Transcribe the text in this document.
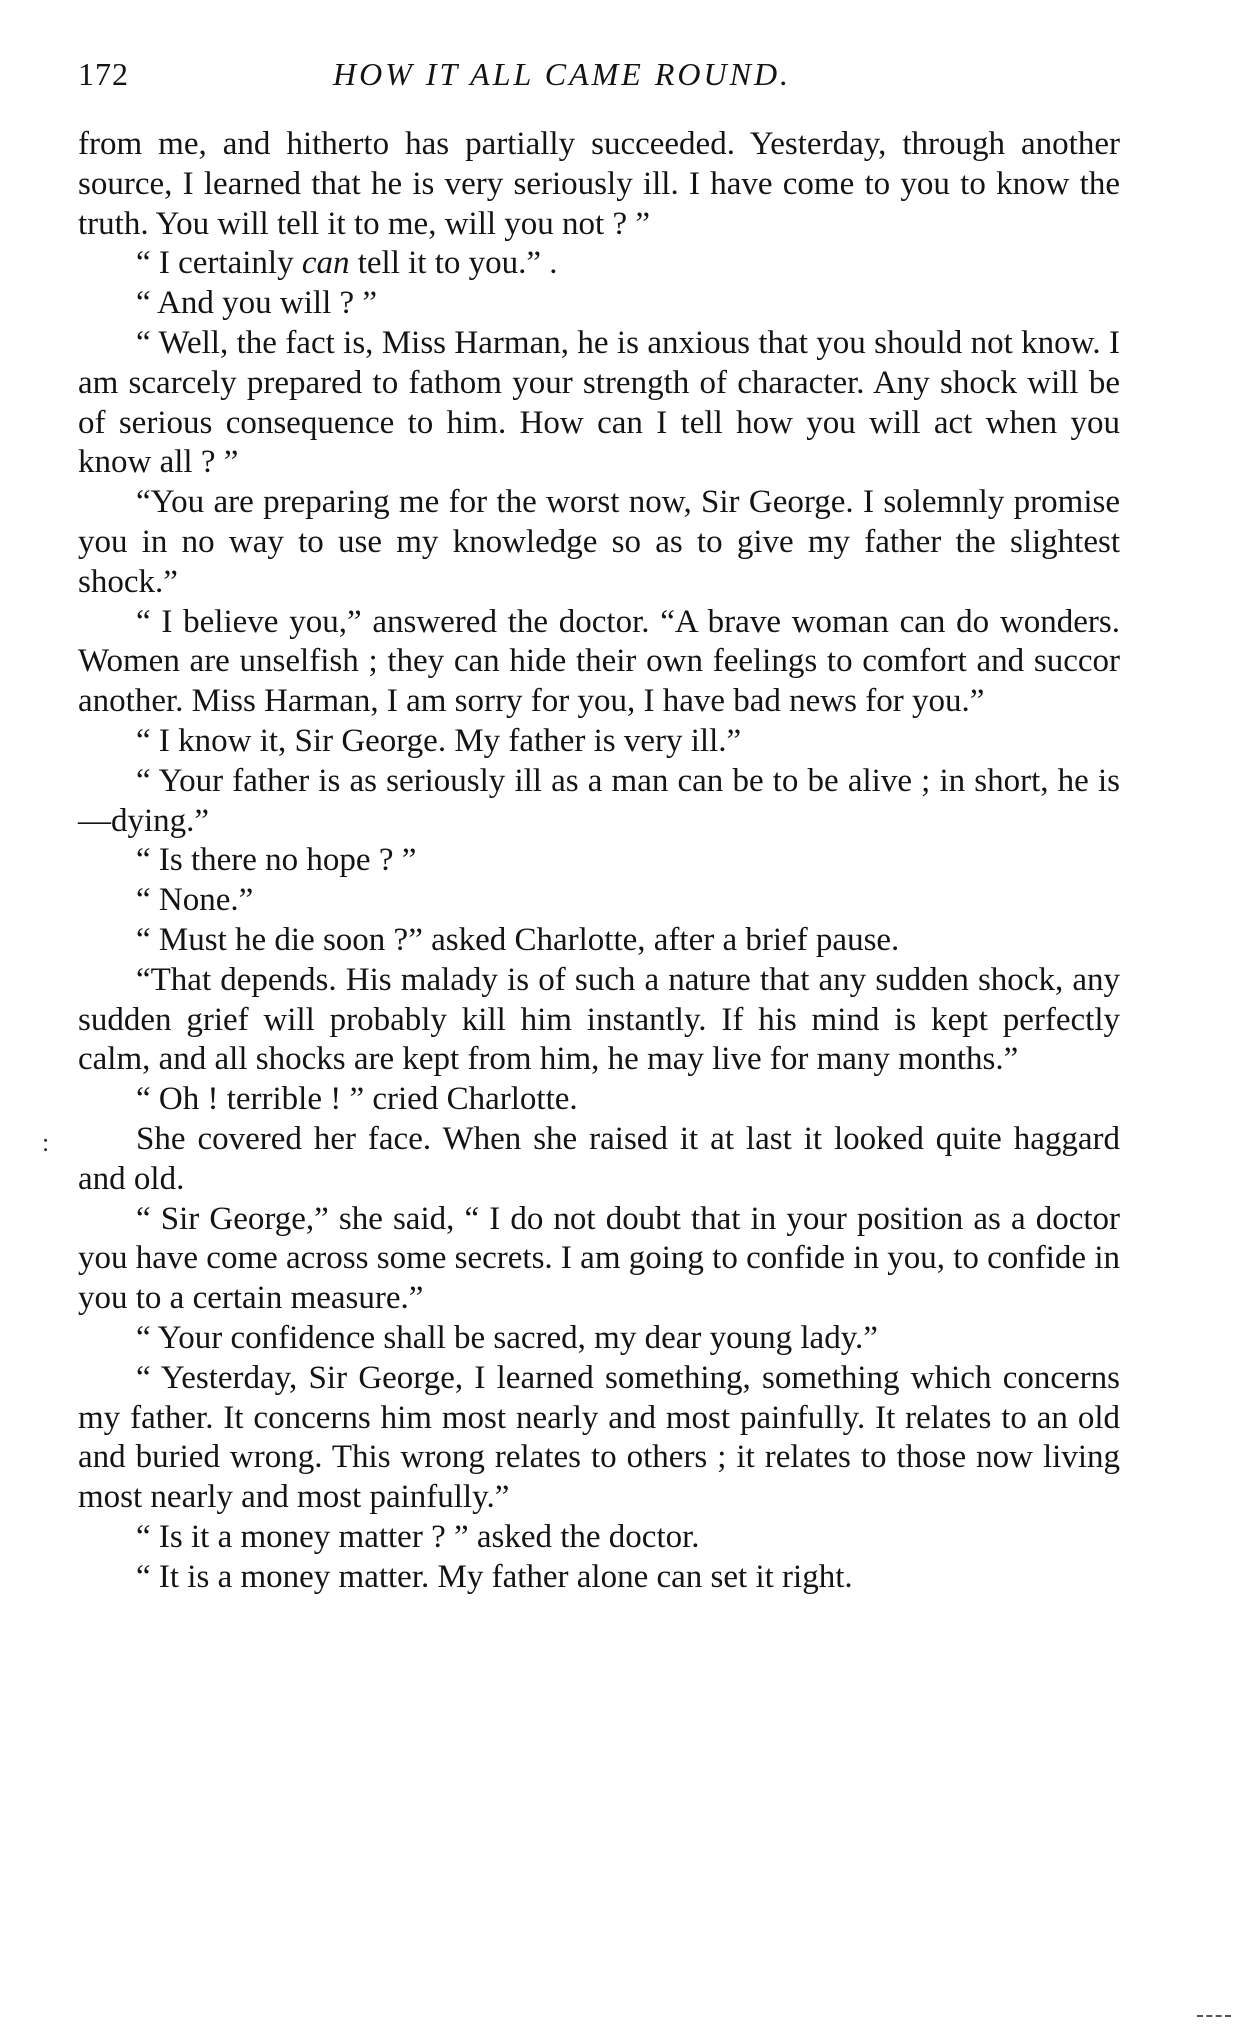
172	HOW IT ALL CAME ROUND.
:

from me, and hitherto has partially succeeded. Yesterday, through another source, I learned that he is very seriously ill. I have come to you to know the truth. You will tell it to me, will you not ? ”

“ I certainly can tell it to you.” .

“ And you will ? ”

“ Well, the fact is, Miss Harman, he is anxious that you should not know. I am scarcely prepared to fathom your strength of character. Any shock will be of serious consequence to him. How can I tell how you will act when you know all ? ”

“You are preparing me for the worst now, Sir George. I solemnly promise you in no way to use my knowledge so as to give my father the slightest shock.”

“ I believe you,” answered the doctor. “A brave woman can do wonders. Women are unselfish ; they can hide their own feelings to comfort and succor another. Miss Harman, I am sorry for you, I have bad news for you.”

“ I know it, Sir George. My father is very ill.”

“ Your father is as seriously ill as a man can be to be alive ; in short, he is—dying.”

“ Is there no hope ? ”

“ None.”

“ Must he die soon ?” asked Charlotte, after a brief pause.

“That depends. His malady is of such a nature that any sudden shock, any sudden grief will probably kill him instantly. If his mind is kept perfectly calm, and all shocks are kept from him, he may live for many months.”

“ Oh ! terrible ! ” cried Charlotte.

She covered her face. When she raised it at last it looked quite haggard and old.

“ Sir George,” she said, “ I do not doubt that in your position as a doctor you have come across some secrets. I am going to confide in you, to confide in you to a certain measure.”

“ Your confidence shall be sacred, my dear young lady.”

“ Yesterday, Sir George, I learned something, something which concerns my father. It concerns him most nearly and most painfully. It relates to an old and buried wrong. This wrong relates to others ; it relates to those now living most nearly and most painfully.”

“ Is it a money matter ? ” asked the doctor.

“ It is a money matter. My father alone can set it right.
